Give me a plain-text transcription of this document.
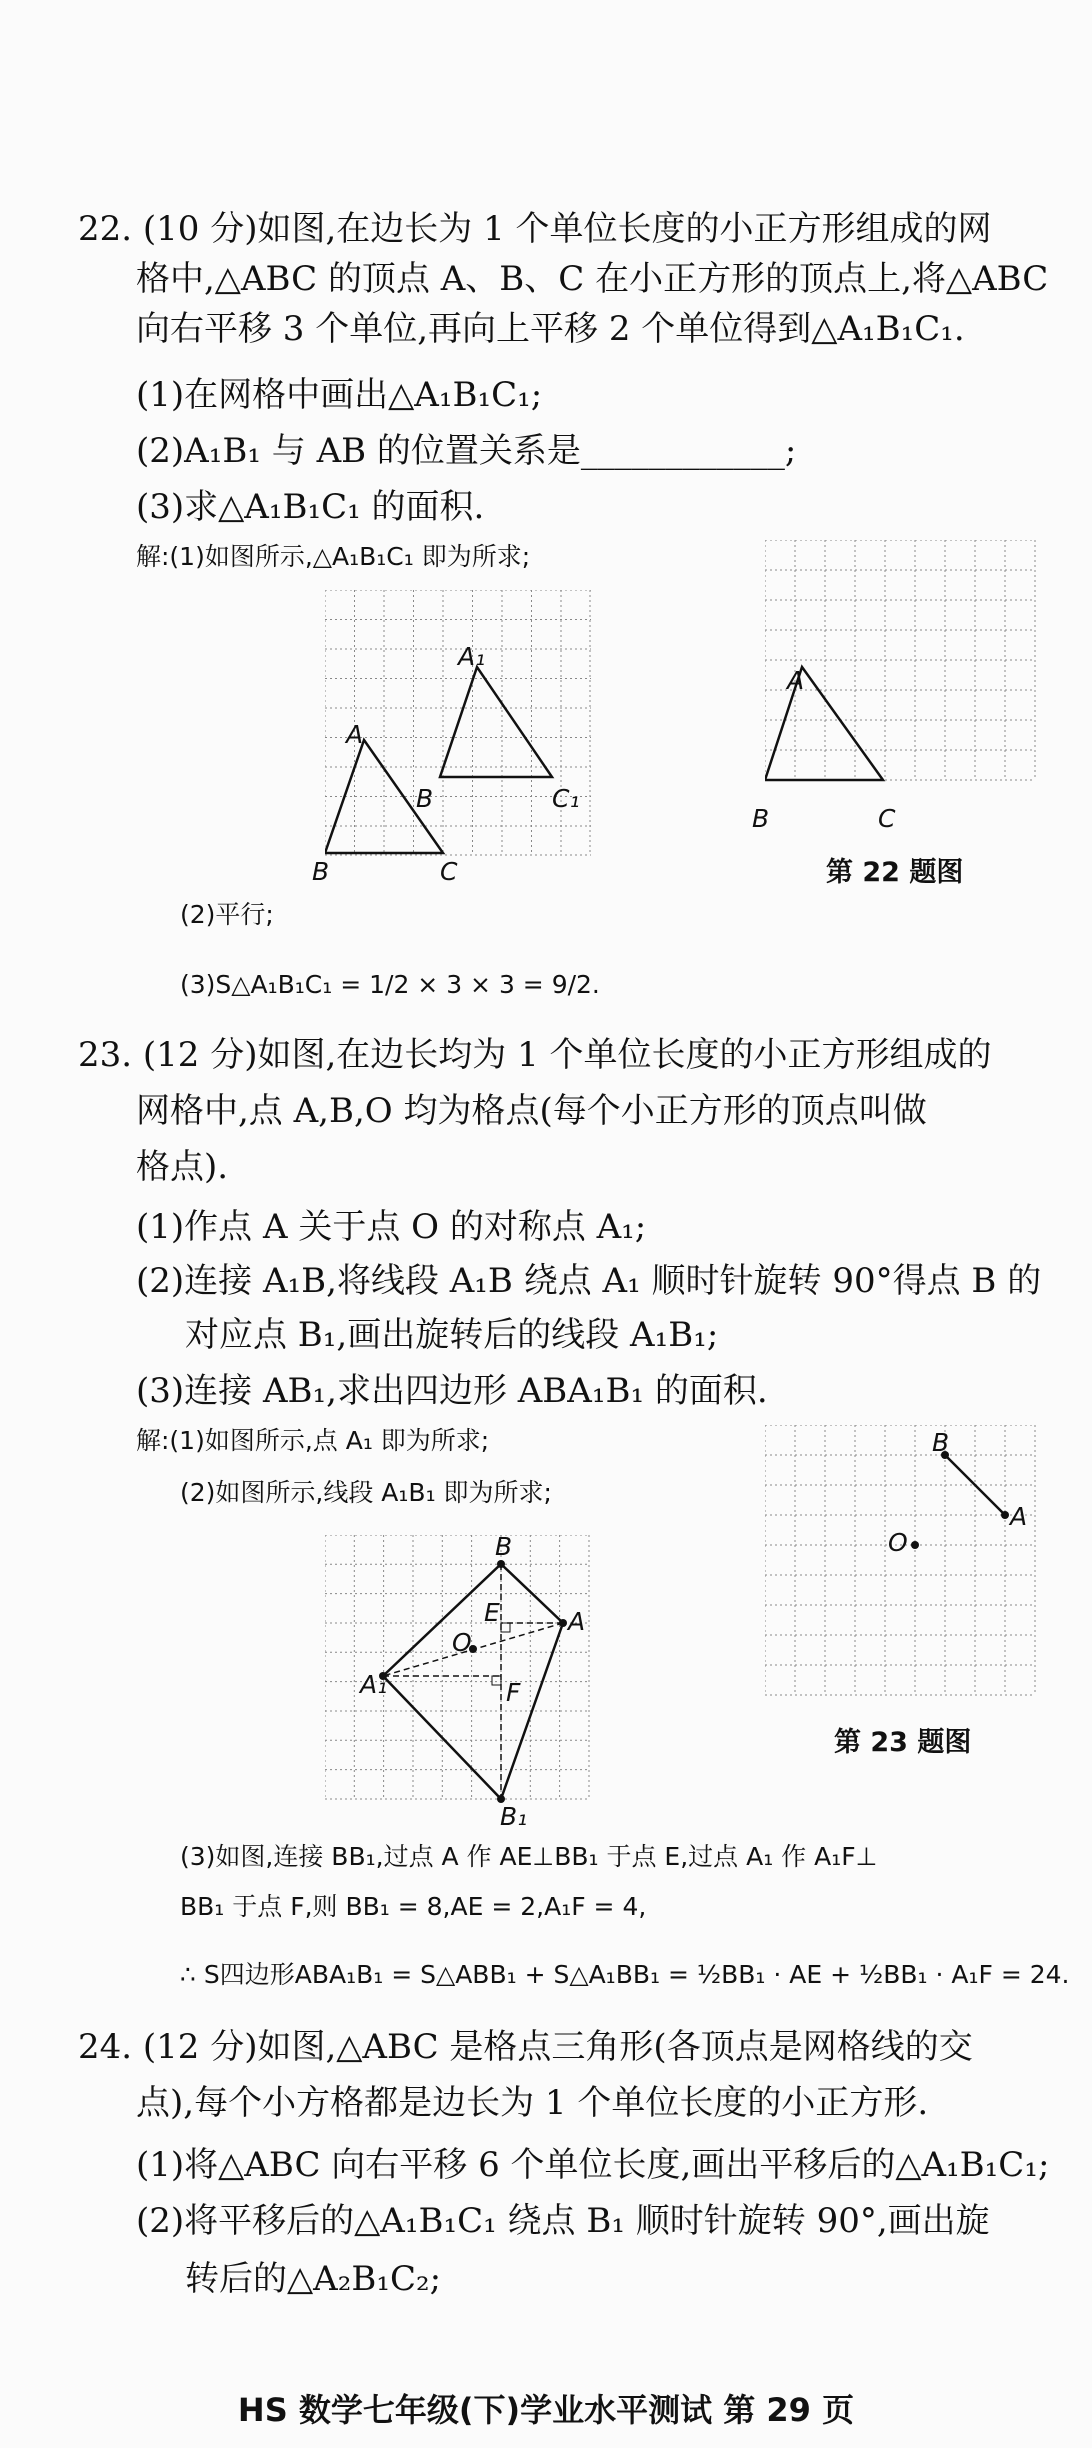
22. (10 分)如图,在边长为 1 个单位长度的小正方形组成的网
格中,△ABC 的顶点 A、B、C 在小正方形的顶点上,将△ABC
向右平移 3 个单位,再向上平移 2 个单位得到△A₁B₁C₁.
(1)在网格中画出△A₁B₁C₁;
(2)A₁B₁ 与 AB 的位置关系是____________;
(3)求△A₁B₁C₁ 的面积.
解:(1)如图所示,△A₁B₁C₁ 即为所求;
A
B	C
A₁
B	C₁
A
B	C
第 22 题图
(2)平行;
(3)S△A₁B₁C₁ = 1/2 × 3 × 3 = 9/2.
23. (12 分)如图,在边长均为 1 个单位长度的小正方形组成的
网格中,点 A,B,O 均为格点(每个小正方形的顶点叫做
格点).
(1)作点 A 关于点 O 的对称点 A₁;
(2)连接 A₁B,将线段 A₁B 绕点 A₁ 顺时针旋转 90°得点 B 的
对应点 B₁,画出旋转后的线段 A₁B₁;
(3)连接 AB₁,求出四边形 ABA₁B₁ 的面积.
解:(1)如图所示,点 A₁ 即为所求;
(2)如图所示,线段 A₁B₁ 即为所求;
B
A
O
E
F
A₁
B₁
B
A
O
第 23 题图
(3)如图,连接 BB₁,过点 A 作 AE⊥BB₁ 于点 E,过点 A₁ 作 A₁F⊥
BB₁ 于点 F,则 BB₁ = 8,AE = 2,A₁F = 4,
∴ S四边形ABA₁B₁ = S△ABB₁ + S△A₁BB₁ = ½BB₁ · AE + ½BB₁ · A₁F = 24.
24. (12 分)如图,△ABC 是格点三角形(各顶点是网格线的交
点),每个小方格都是边长为 1 个单位长度的小正方形.
(1)将△ABC 向右平移 6 个单位长度,画出平移后的△A₁B₁C₁;
(2)将平移后的△A₁B₁C₁ 绕点 B₁ 顺时针旋转 90°,画出旋
转后的△A₂B₁C₂;
HS 数学七年级(下)学业水平测试 第 29 页
